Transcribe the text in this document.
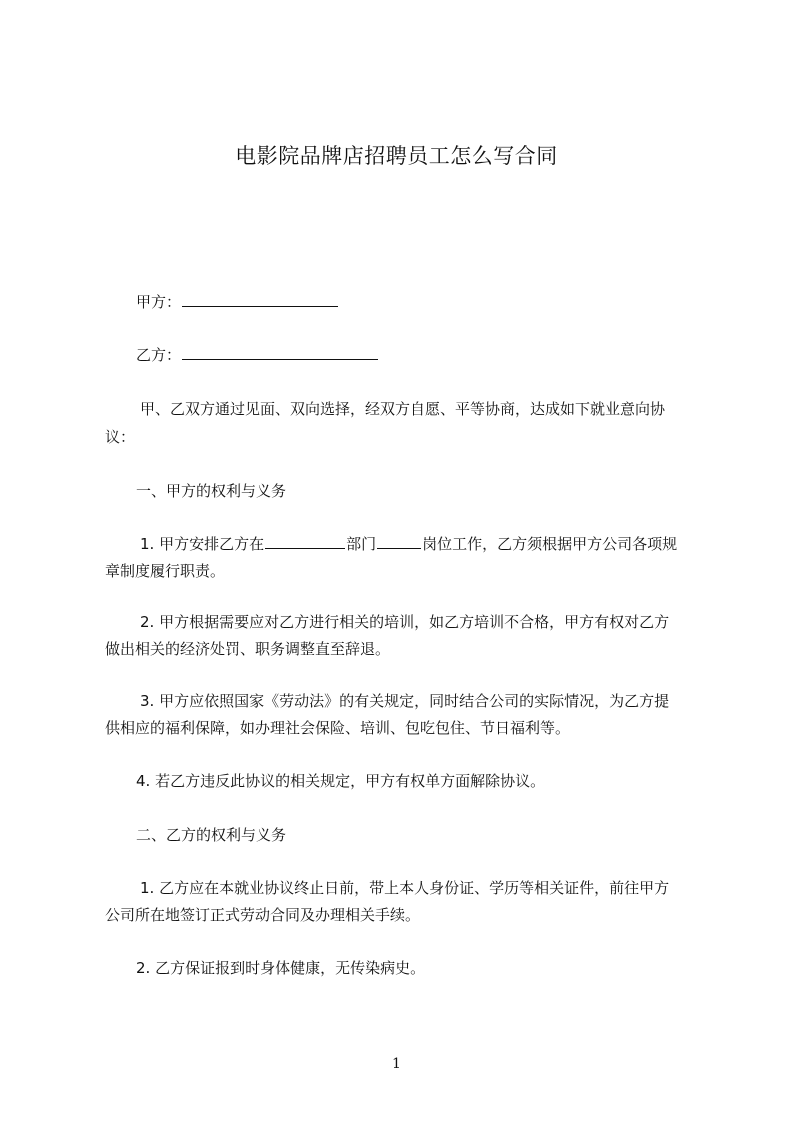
电影院品牌店招聘员工怎么写合同
甲方：
乙方：
甲、乙双方通过见面、双向选择，经双方自愿、平等协商，达成如下就业意向协
议：
一、甲方的权利与义务
1. 甲方安排乙方在	部门	岗位工作，乙方须根据甲方公司各项规
章制度履行职责。
2. 甲方根据需要应对乙方进行相关的培训，如乙方培训不合格，甲方有权对乙方
做出相关的经济处罚、职务调整直至辞退。
3. 甲方应依照国家《劳动法》的有关规定，同时结合公司的实际情况，为乙方提
供相应的福利保障，如办理社会保险、培训、包吃包住、节日福利等。
4. 若乙方违反此协议的相关规定，甲方有权单方面解除协议。
二、乙方的权利与义务
1. 乙方应在本就业协议终止日前，带上本人身份证、学历等相关证件，前往甲方
公司所在地签订正式劳动合同及办理相关手续。
2. 乙方保证报到时身体健康，无传染病史。
1
